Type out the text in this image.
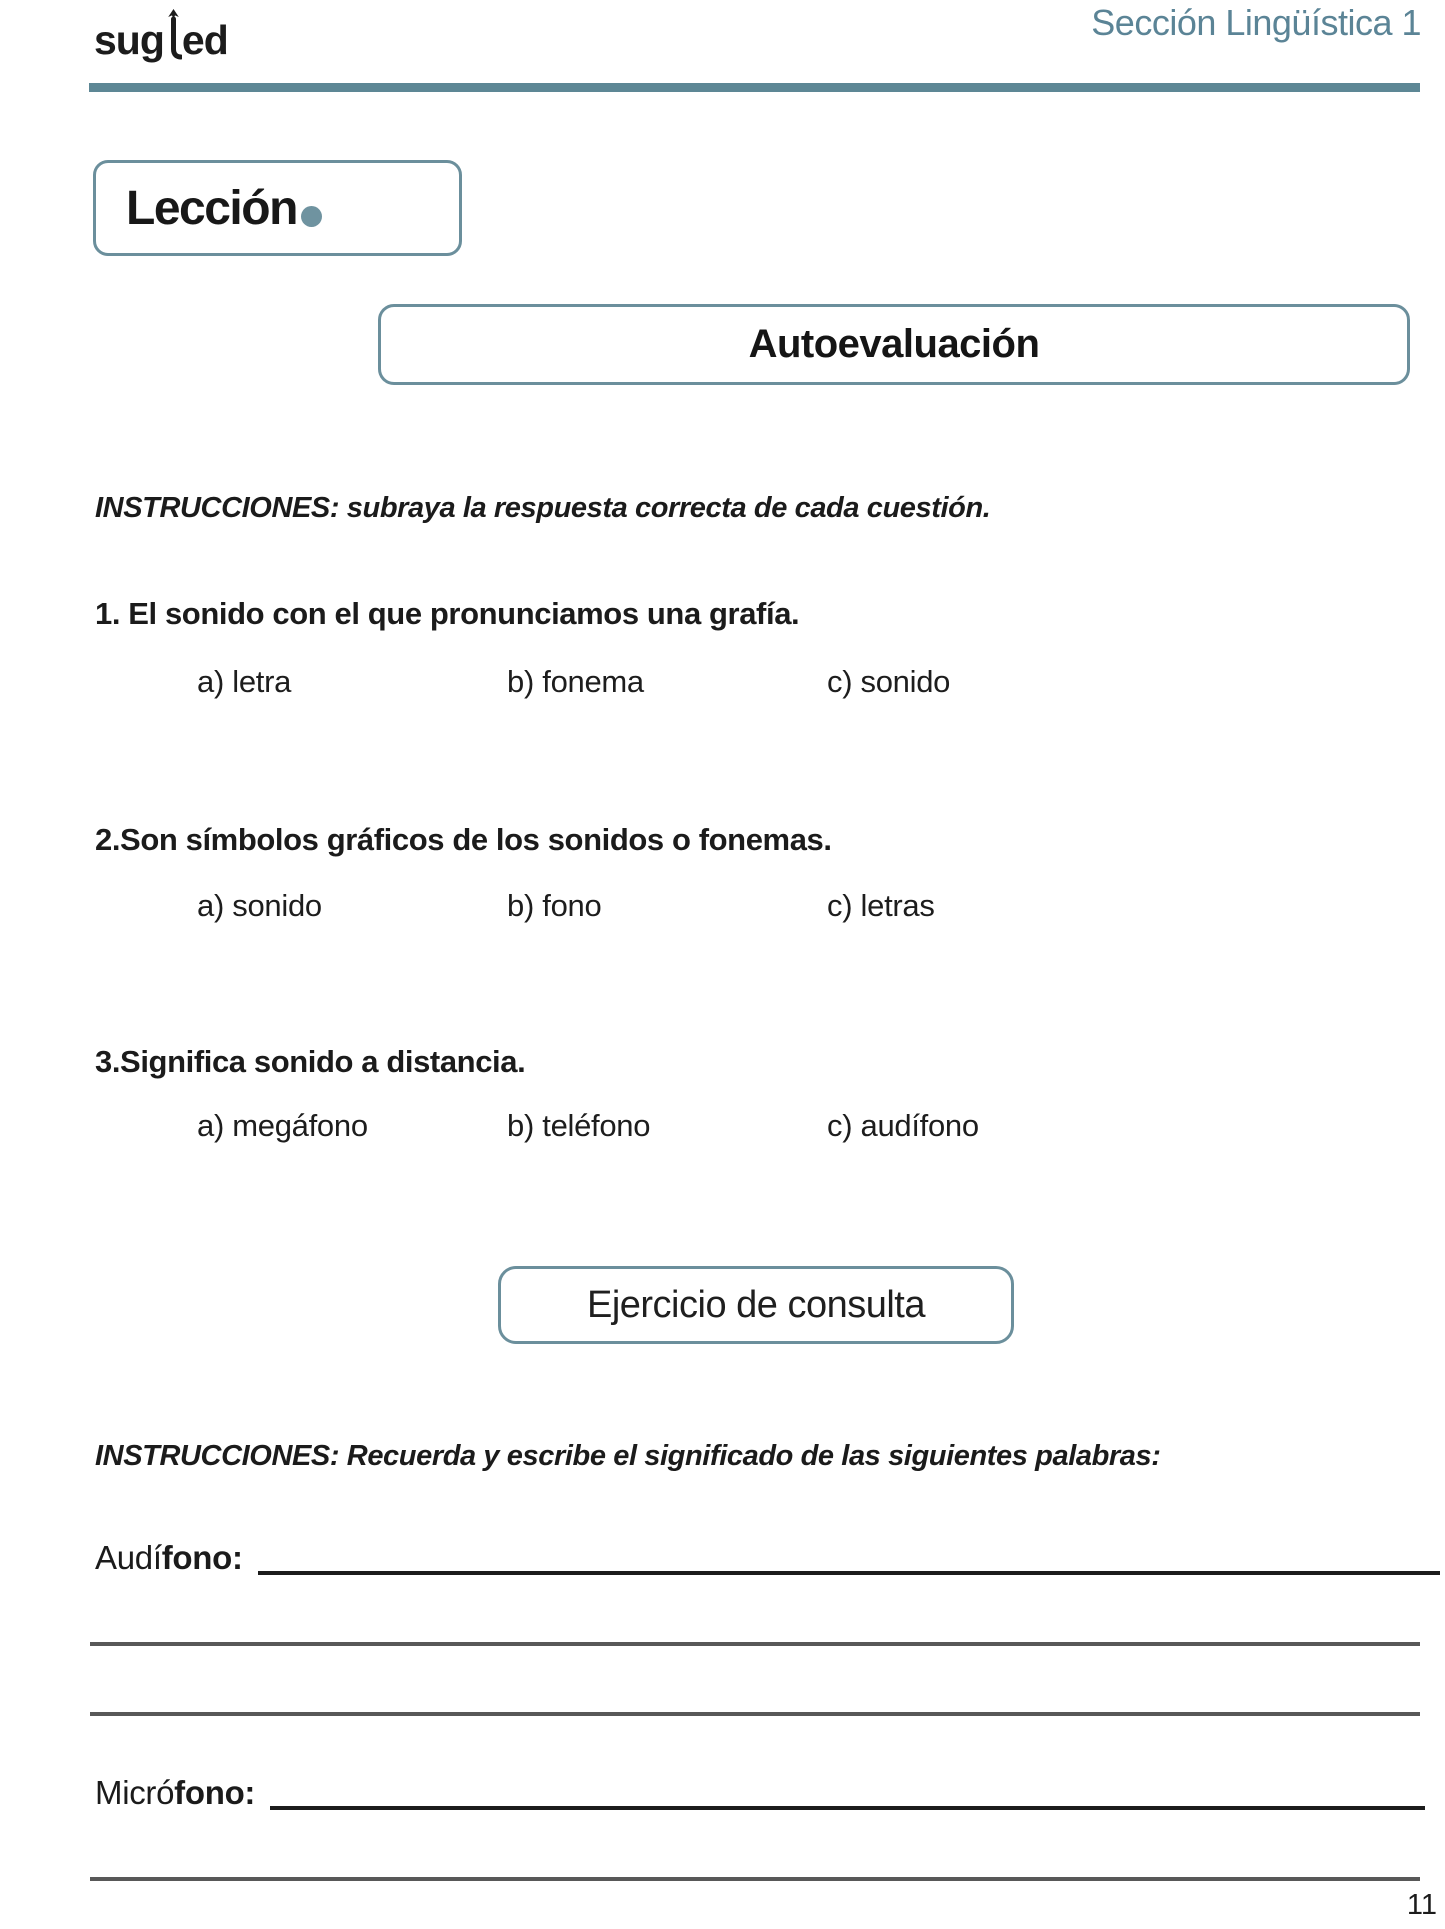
sug ed	Sección Lingüística 1
Lección
Autoevaluación
INSTRUCCIONES: subraya la respuesta correcta de cada cuestión.
1. El sonido con el que pronunciamos una grafía.
a) letra	b) fonema	c) sonido
2.Son símbolos gráficos de los sonidos o fonemas.
a) sonido	b) fono	c) letras
3.Significa sonido a distancia.
a) megáfono	b) teléfono	c) audífono
Ejercicio de consulta
INSTRUCCIONES: Recuerda y escribe el significado de las siguientes palabras:
Audífono:
Micrófono:
11
